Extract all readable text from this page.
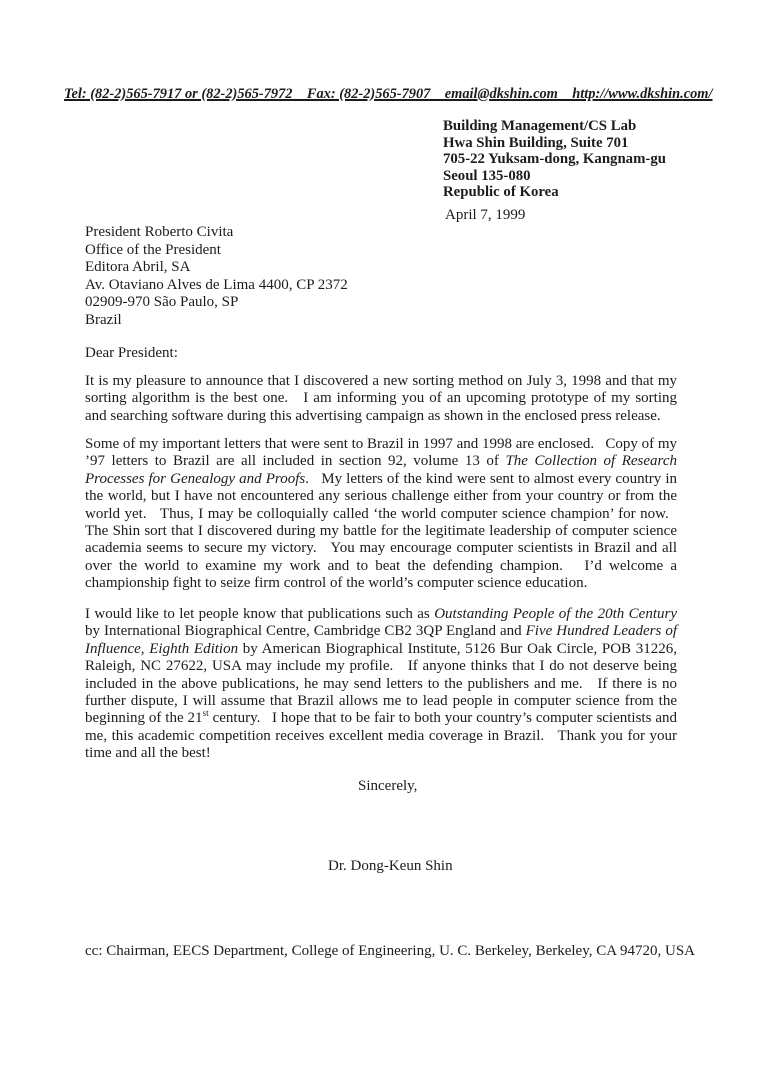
Tel: (82-2)565-7917 or (82-2)565-7972    Fax: (82-2)565-7907    email@dkshin.com    http://www.dkshin.com/
Building Management/CS Lab
Hwa Shin Building, Suite 701
705-22 Yuksam-dong, Kangnam-gu
Seoul 135-080
Republic of Korea
April 7, 1999
President Roberto Civita
Office of the President
Editora Abril, SA
Av. Otaviano Alves de Lima 4400, CP 2372
02909-970 São Paulo, SP
Brazil
Dear President:

It is my pleasure to announce that I discovered a new sorting method on July 3, 1998 and that my sorting algorithm is the best one.   I am informing you of an upcoming prototype of my sorting and searching software during this advertising campaign as shown in the enclosed press release.

Some of my important letters that were sent to Brazil in 1997 and 1998 are enclosed.   Copy of my ’97 letters to Brazil are all included in section 92, volume 13 of The Collection of Research Processes for Genealogy and Proofs.   My letters of the kind were sent to almost every country in the world, but I have not encountered any serious challenge either from your country or from the world yet.   Thus, I may be colloquially called ‘the world computer science champion’ for now.   The Shin sort that I discovered during my battle for the legitimate leadership of computer science academia seems to secure my victory.   You may encourage computer scientists in Brazil and all over the world to examine my work and to beat the defending champion.   I’d welcome a championship fight to seize firm control of the world’s computer science education.

I would like to let people know that publications such as Outstanding People of the 20th Century by International Biographical Centre, Cambridge CB2 3QP England and Five Hundred Leaders of Influence, Eighth Edition by American Biographical Institute, 5126 Bur Oak Circle, POB 31226, Raleigh, NC 27622, USA may include my profile.   If anyone thinks that I do not deserve being included in the above publications, he may send letters to the publishers and me.   If there is no further dispute, I will assume that Brazil allows me to lead people in computer science from the beginning of the 21st century.   I hope that to be fair to both your country’s computer scientists and me, this academic competition receives excellent media coverage in Brazil.   Thank you for your time and all the best!

Sincerely,
Dr. Dong-Keun Shin
cc: Chairman, EECS Department, College of Engineering, U. C. Berkeley, Berkeley, CA 94720, USA
